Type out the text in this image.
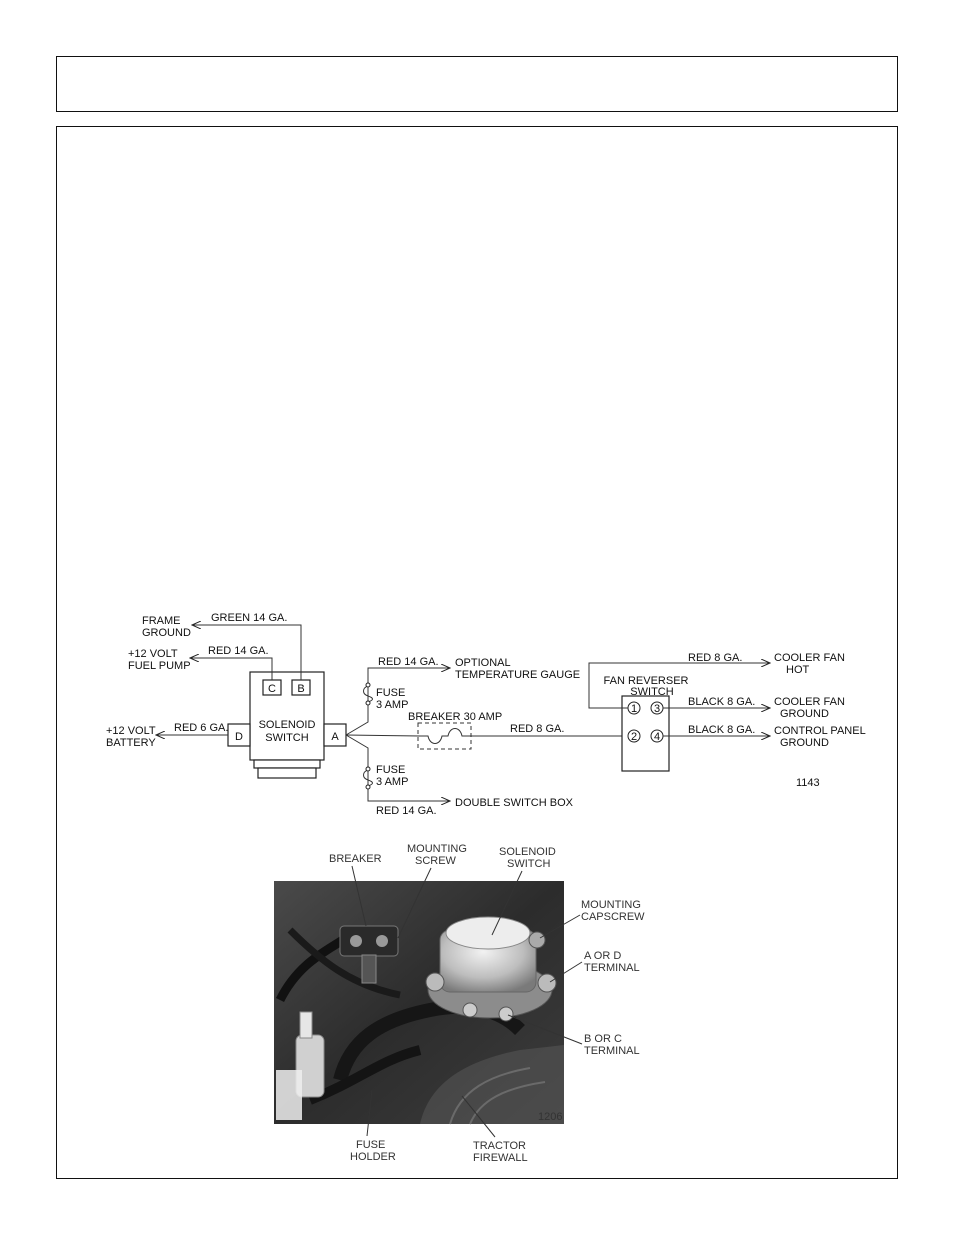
C B
D	A
SOLENOID
SWITCH
GREEN 14 GA.
FRAME
GROUND
RED 14 GA.
+12 VOLT
FUEL PUMP
RED 6 GA.
+12 VOLT
BATTERY
RED 14 GA. OPTIONAL
TEMPERATURE GAUGE
FUSE
3 AMP
FUSE
3 AMP
DOUBLE SWITCH BOX
RED 14 GA.
BREAKER 30 AMP
RED 8 GA.
FAN REVERSER
SWITCH
1 3
2 4
RED 8 GA.	COOLER FAN
HOT
BLACK 8 GA. COOLER FAN
GROUND
BLACK 8 GA. CONTROL PANEL
GROUND
1143
1206
BREAKER
MOUNTING
SCREW
SOLENOID
SWITCH
MOUNTING
CAPSCREW
A OR D
TERMINAL
B OR C
TERMINAL
FUSE
HOLDER
TRACTOR
FIREWALL
